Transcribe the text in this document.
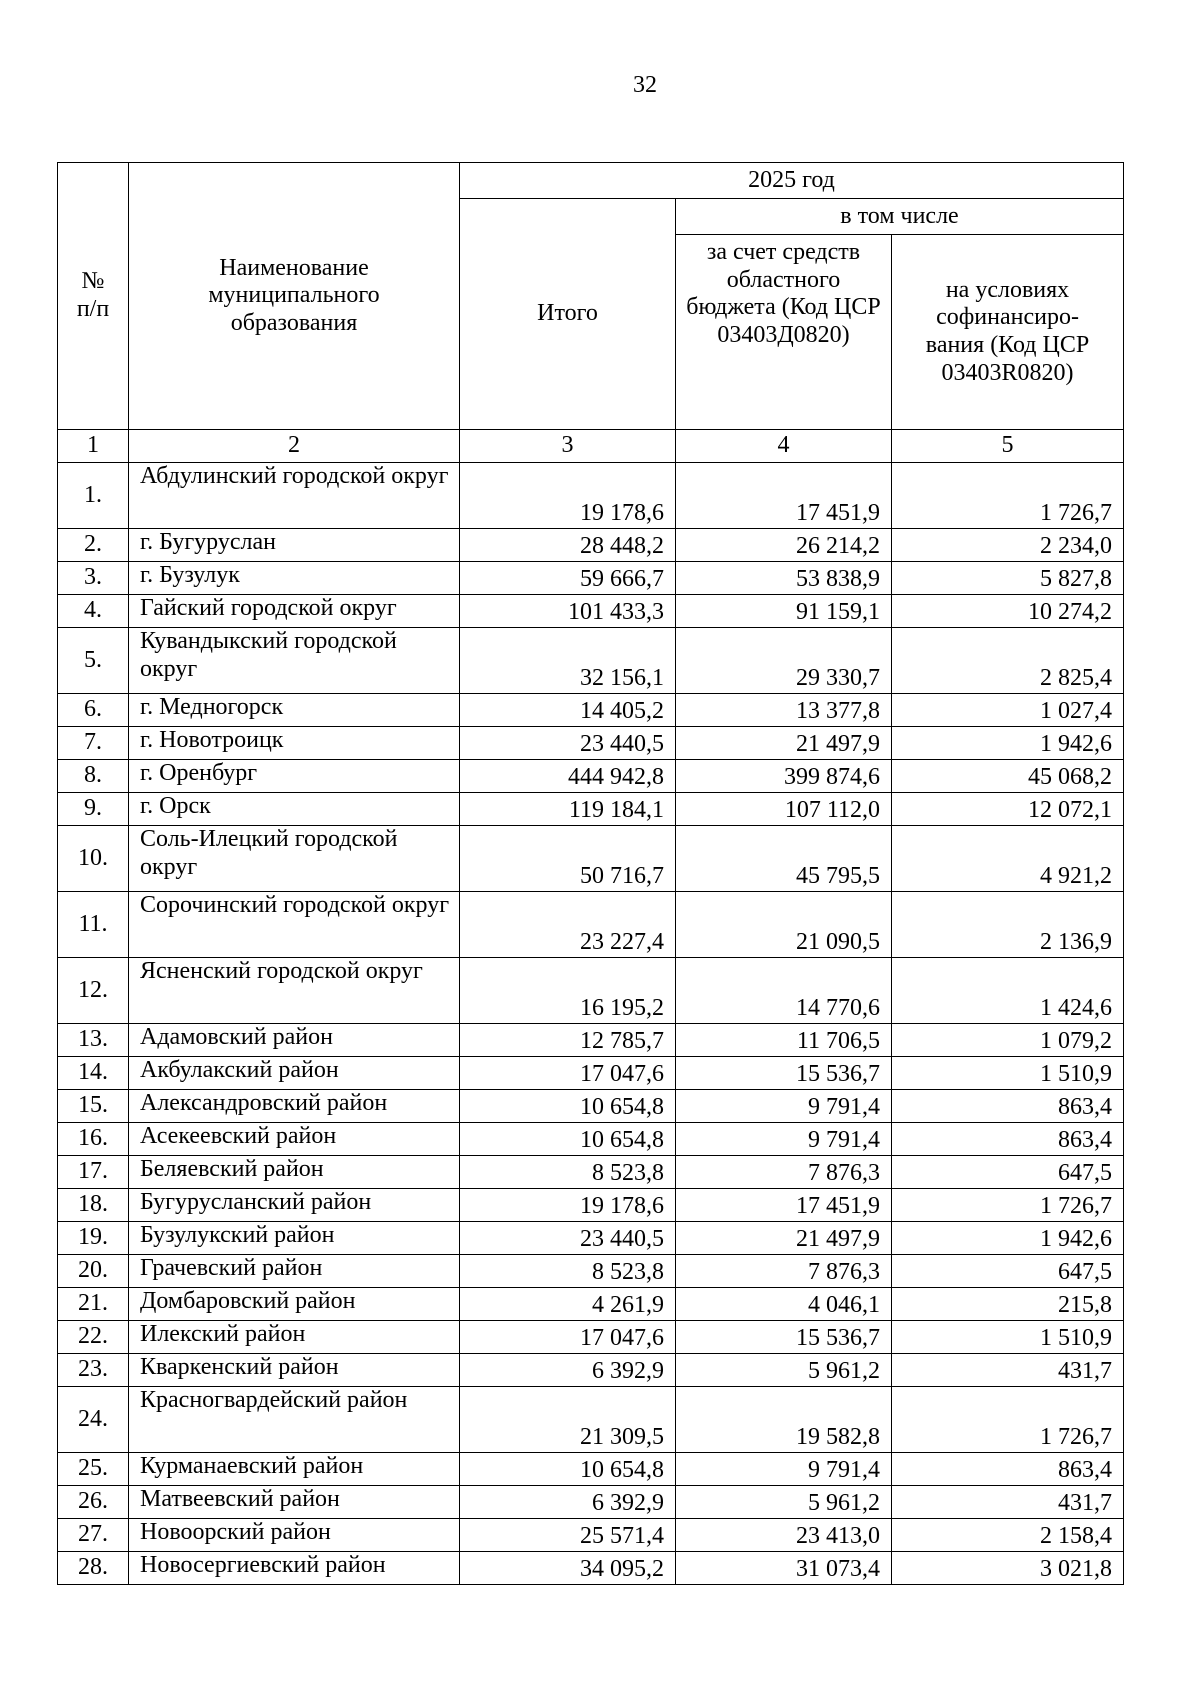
32
№ п/п	Наименование муниципального образования	2025 год		
		Итого	в том числе	
			за счет средств областного бюджета (Код ЦСР 03403Д0820)	на условиях софинансиро- вания (Код ЦСР 03403R0820)
1	2	3	4	5
1.	Абдулинский городской округ	19 178,6	17 451,9	1 726,7
2.	г. Бугуруслан	28 448,2	26 214,2	2 234,0
3.	г. Бузулук	59 666,7	53 838,9	5 827,8
4.	Гайский городской округ	101 433,3	91 159,1	10 274,2
5.	Кувандыкский городской округ	32 156,1	29 330,7	2 825,4
6.	г. Медногорск	14 405,2	13 377,8	1 027,4
7.	г. Новотроицк	23 440,5	21 497,9	1 942,6
8.	г. Оренбург	444 942,8	399 874,6	45 068,2
9.	г. Орск	119 184,1	107 112,0	12 072,1
10.	Соль-Илецкий городской округ	50 716,7	45 795,5	4 921,2
11.	Сорочинский городской округ	23 227,4	21 090,5	2 136,9
12.	Ясненский городской округ	16 195,2	14 770,6	1 424,6
13.	Адамовский район	12 785,7	11 706,5	1 079,2
14.	Акбулакский район	17 047,6	15 536,7	1 510,9
15.	Александровский район	10 654,8	9 791,4	863,4
16.	Асекеевский район	10 654,8	9 791,4	863,4
17.	Беляевский район	8 523,8	7 876,3	647,5
18.	Бугурусланский район	19 178,6	17 451,9	1 726,7
19.	Бузулукский район	23 440,5	21 497,9	1 942,6
20.	Грачевский район	8 523,8	7 876,3	647,5
21.	Домбаровский район	4 261,9	4 046,1	215,8
22.	Илекский район	17 047,6	15 536,7	1 510,9
23.	Кваркенский район	6 392,9	5 961,2	431,7
24.	Красногвардейский район	21 309,5	19 582,8	1 726,7
25.	Курманаевский район	10 654,8	9 791,4	863,4
26.	Матвеевский район	6 392,9	5 961,2	431,7
27.	Новоорский район	25 571,4	23 413,0	2 158,4
28.	Новосергиевский район	34 095,2	31 073,4	3 021,8
